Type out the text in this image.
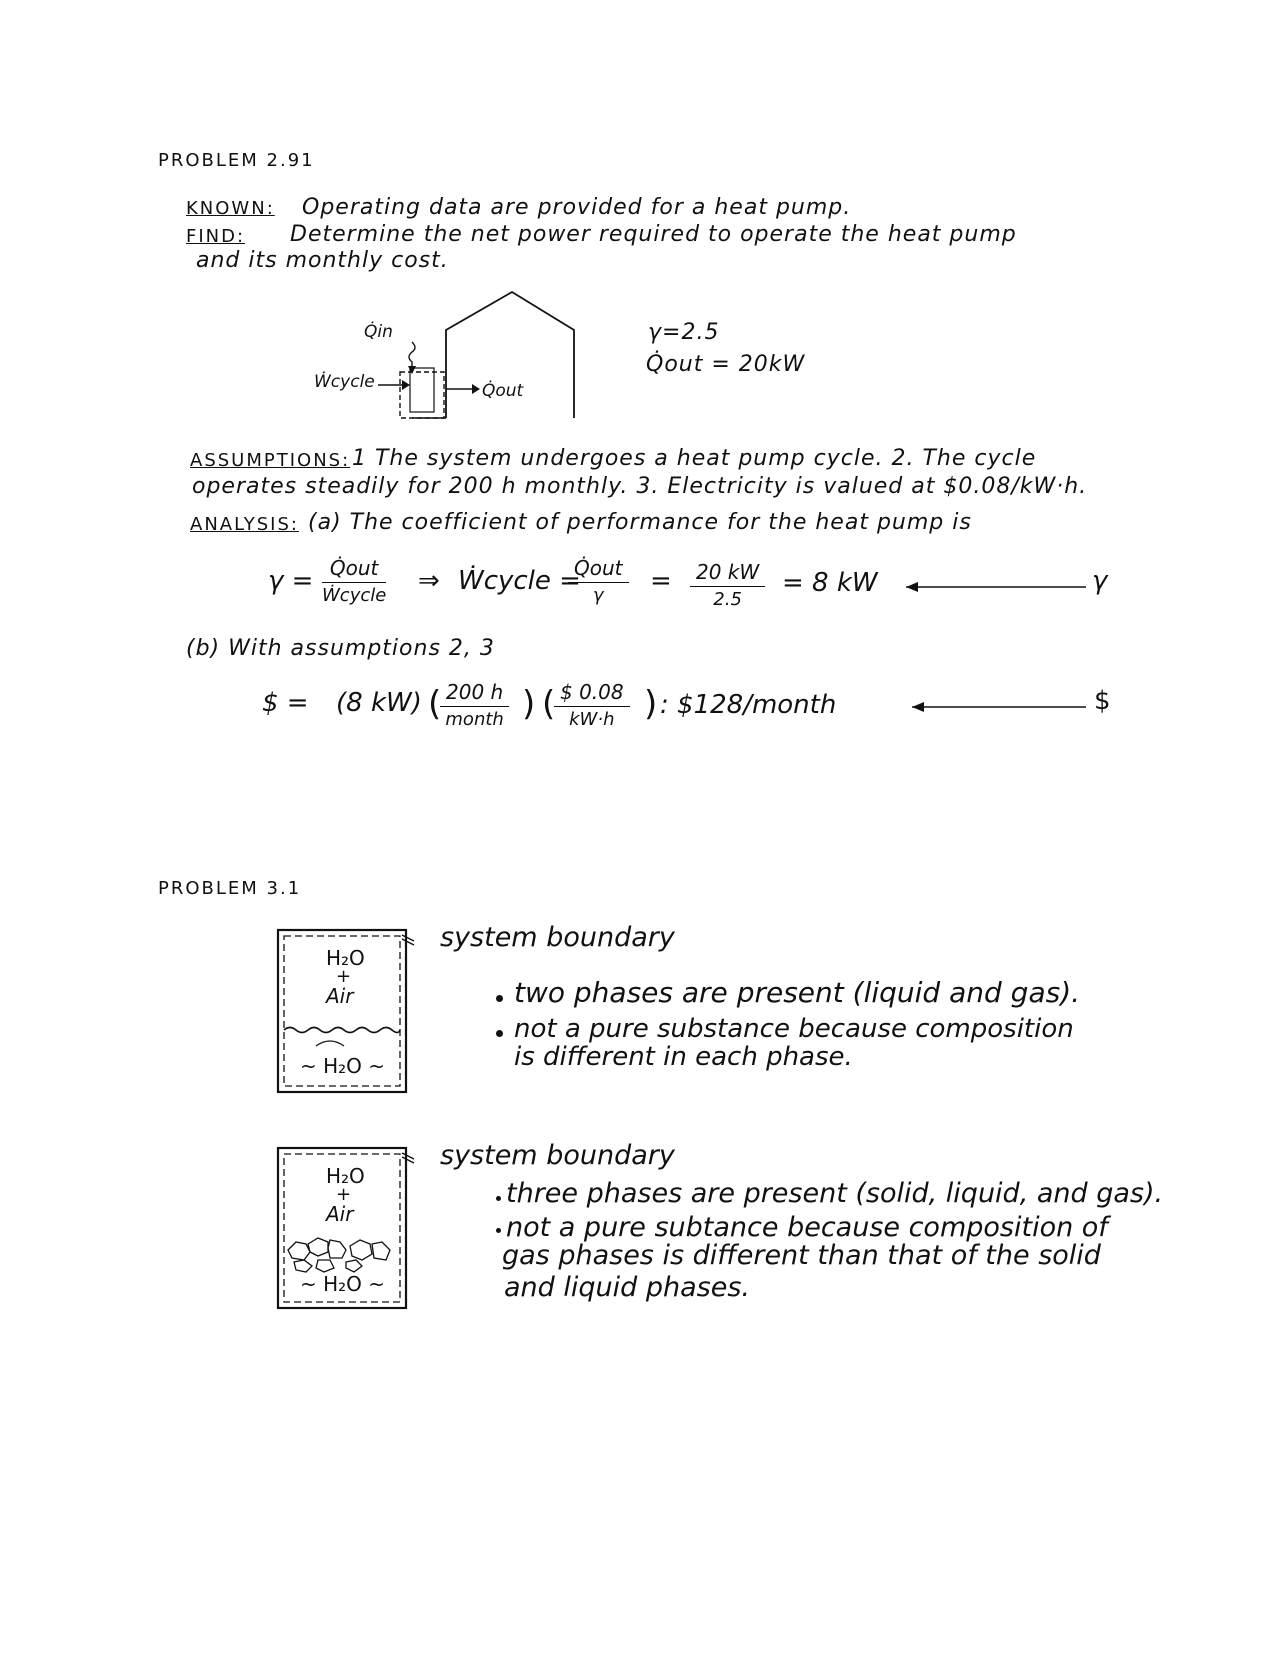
PROBLEM 2.91
KNOWN: Operating data are provided for a heat pump.
FIND: Determine the net power required to operate the heat pump
and its monthly cost.
Q̇in
Ẇcycle	Q̇out
γ=2.5
Q̇out = 20kW
ASSUMPTIONS: 1 The system undergoes a heat pump cycle. 2. The cycle
operates steadily for 200 h monthly. 3. Electricity is valued at $0.08/kW·h.
ANALYSIS: (a) The coefficient of performance for the heat pump is
γ = Q̇out
Ẇcycle ⇒ Ẇcycle =
Q̇out
γ	= $\frac{20 kW}{2.5} = 8$ kW	γ
(b) With assumptions 2, 3
$ = (8 kW) ( 200 h
month ) (
$\frac{\$ 0.08}{kW\cdot h}$ ) : $128/month	$
PROBLEM 3.1
H₂O
+
Air
~ H₂O ~
system boundary
two phases are present (liquid and gas).
not a pure substance because composition
is different in each phase.
H₂O
+
Air
~ H₂O ~
system boundary
three phases are present (solid, liquid, and gas).
not a pure subtance because composition of
gas phases is different than that of the solid
and liquid phases.
